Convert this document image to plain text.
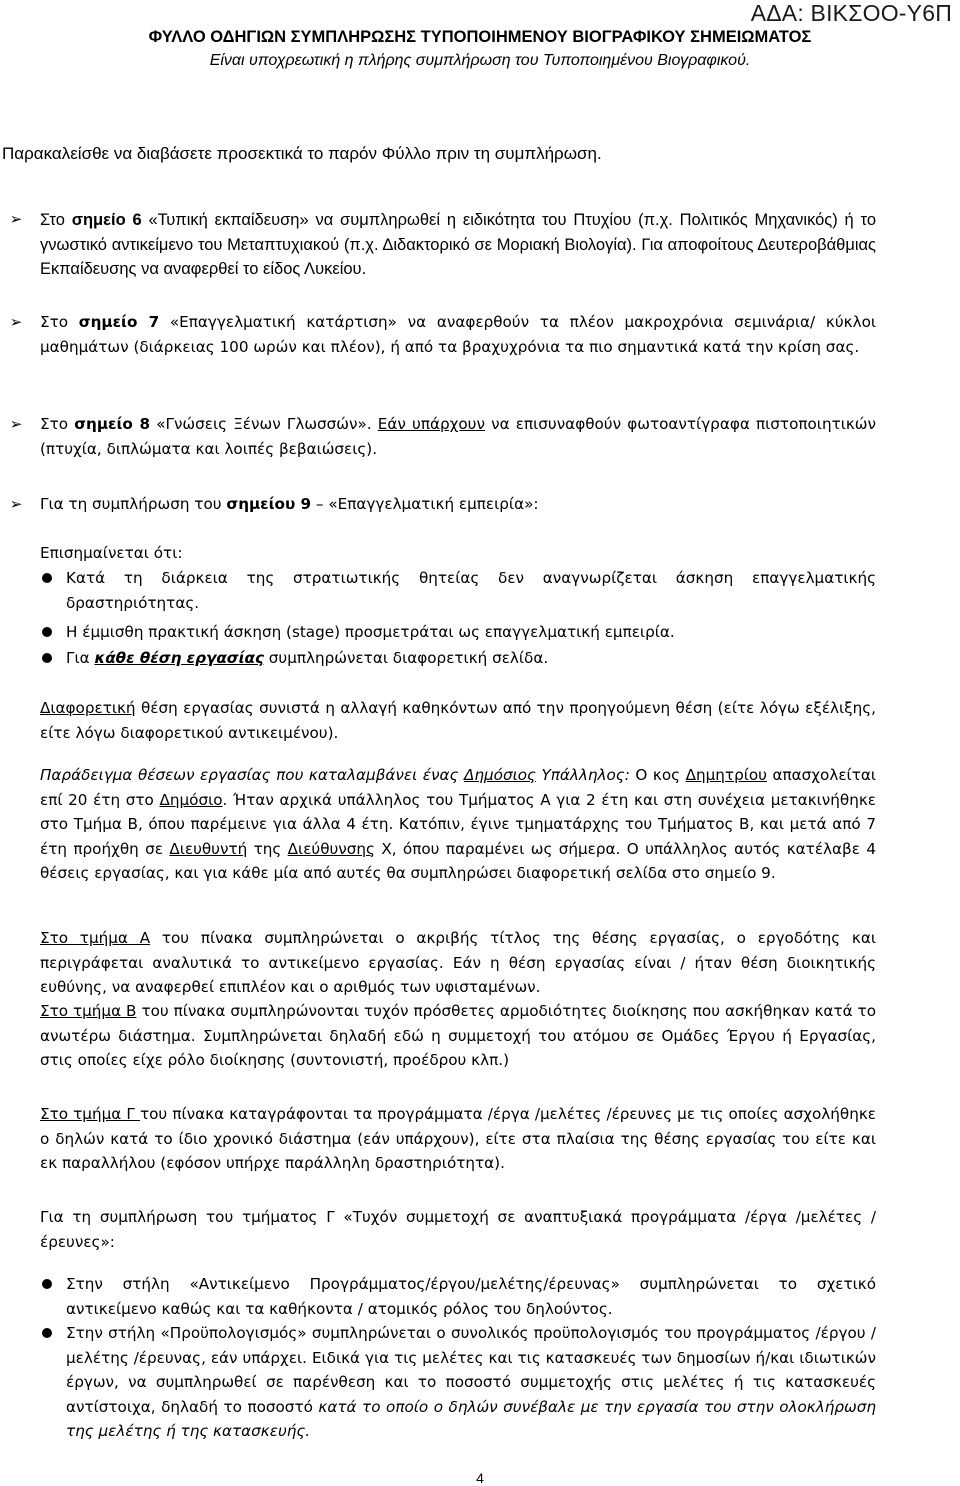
ΑΔΑ: ΒΙΚΣΟΟ-Υ6Π
ΦΥΛΛΟ ΟΔΗΓΙΩΝ ΣΥΜΠΛΗΡΩΣΗΣ ΤΥΠΟΠΟΙΗΜΕΝΟΥ ΒΙΟΓΡΑΦΙΚΟΥ ΣΗΜΕΙΩΜΑΤΟΣ
Είναι υποχρεωτική η πλήρης συμπλήρωση του Τυποποιημένου Βιογραφικού.
Παρακαλείσθε να διαβάσετε προσεκτικά το παρόν Φύλλο πριν τη συμπλήρωση.
➢ Στο σημείο 6 «Τυπική εκπαίδευση» να συμπληρωθεί η ειδικότητα του Πτυχίου (π.χ. Πολιτικός Μηχανικός) ή το γνωστικό αντικείμενο του Μεταπτυχιακού (π.χ. Διδακτορικό σε Μοριακή Βιολογία). Για αποφοίτους Δευτεροβάθμιας Εκπαίδευσης να αναφερθεί το είδος Λυκείου.
➢ Στο σημείο 7 «Επαγγελματική κατάρτιση» να αναφερθούν τα πλέον μακροχρόνια σεμινάρια/ κύκλοι μαθημάτων (διάρκειας 100 ωρών και πλέον), ή από τα βραχυχρόνια τα πιο σημαντικά κατά την κρίση σας.
➢ Στο σημείο 8 «Γνώσεις Ξένων Γλωσσών». Εάν υπάρχουν να επισυναφθούν φωτοαντίγραφα πιστοποιητικών (πτυχία, διπλώματα και λοιπές βεβαιώσεις).
➢ Για τη συμπλήρωση του σημείου 9 – «Επαγγελματική εμπειρία»:
Επισημαίνεται ότι:
Κατά τη διάρκεια της στρατιωτικής θητείας δεν αναγνωρίζεται άσκηση επαγγελματικής δραστηριότητας.
Η έμμισθη πρακτική άσκηση (stage) προσμετράται ως επαγγελματική εμπειρία.
Για κάθε θέση εργασίας συμπληρώνεται διαφορετική σελίδα.
Διαφορετική θέση εργασίας συνιστά η αλλαγή καθηκόντων από την προηγούμενη θέση (είτε λόγω εξέλιξης, είτε λόγω διαφορετικού αντικειμένου).
Παράδειγμα θέσεων εργασίας που καταλαμβάνει ένας Δημόσιος Υπάλληλος: Ο κος Δημητρίου απασχολείται επί 20 έτη στο Δημόσιο. Ήταν αρχικά υπάλληλος του Τμήματος Α για 2 έτη και στη συνέχεια μετακινήθηκε στο Τμήμα Β, όπου παρέμεινε για άλλα 4 έτη. Κατόπιν, έγινε τμηματάρχης του Τμήματος Β, και μετά από 7 έτη προήχθη σε Διευθυντή της Διεύθυνσης Χ, όπου παραμένει ως σήμερα. Ο υπάλληλος αυτός κατέλαβε 4 θέσεις εργασίας, και για κάθε μία από αυτές θα συμπληρώσει διαφορετική σελίδα στο σημείο 9.
Στο τμήμα Α του πίνακα συμπληρώνεται ο ακριβής τίτλος της θέσης εργασίας, ο εργοδότης και περιγράφεται αναλυτικά το αντικείμενο εργασίας. Εάν η θέση εργασίας είναι / ήταν θέση διοικητικής ευθύνης, να αναφερθεί επιπλέον και ο αριθμός των υφισταμένων.
Στο τμήμα Β του πίνακα συμπληρώνονται τυχόν πρόσθετες αρμοδιότητες διοίκησης που ασκήθηκαν κατά το ανωτέρω διάστημα. Συμπληρώνεται δηλαδή εδώ η συμμετοχή του ατόμου σε Ομάδες Έργου ή Εργασίας, στις οποίες είχε ρόλο διοίκησης (συντονιστή, προέδρου κλπ.)
Στο τμήμα Γ του πίνακα καταγράφονται τα προγράμματα /έργα /μελέτες /έρευνες με τις οποίες ασχολήθηκε ο δηλών κατά το ίδιο χρονικό διάστημα (εάν υπάρχουν), είτε στα πλαίσια της θέσης εργασίας του είτε και εκ παραλλήλου (εφόσον υπήρχε παράλληλη δραστηριότητα).
Για τη συμπλήρωση του τμήματος Γ «Τυχόν συμμετοχή σε αναπτυξιακά προγράμματα /έργα /μελέτες /έρευνες»:
Στην στήλη «Αντικείμενο Προγράμματος/έργου/μελέτης/έρευνας» συμπληρώνεται το σχετικό αντικείμενο καθώς και τα καθήκοντα / ατομικός ρόλος του δηλούντος.
Στην στήλη «Προϋπολογισμός» συμπληρώνεται ο συνολικός προϋπολογισμός του προγράμματος /έργου /μελέτης /έρευνας, εάν υπάρχει. Ειδικά για τις μελέτες και τις κατασκευές των δημοσίων ή/και ιδιωτικών έργων, να συμπληρωθεί σε παρένθεση και το ποσοστό συμμετοχής στις μελέτες ή τις κατασκευές αντίστοιχα, δηλαδή το ποσοστό κατά το οποίο ο δηλών συνέβαλε με την εργασία του στην ολοκλήρωση της μελέτης ή της κατασκευής.
4
